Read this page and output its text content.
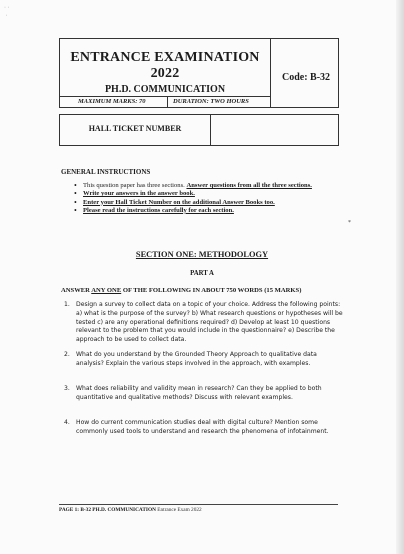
· ·
·
ENTRANCE EXAMINATION 2022
PH.D. COMMUNICATION
MAXIMUM MARKS: 70	DURATION: TWO HOURS
Code: B-32
HALL TICKET NUMBER
GENERAL INSTRUCTIONS
• This question paper has three sections. Answer questions from all the three sections.
• Write your answers in the answer book.
• Enter your Hall Ticket Number on the additional Answer Books too.
• Please read the instructions carefully for each section.
*
SECTION ONE: METHODOLOGY
PART A
ANSWER ANY ONE OF THE FOLLOWING IN ABOUT 750 WORDS (15 MARKS)
1. Design a survey to collect data on a topic of your choice. Address the following points: a) what is the purpose of the survey? b) What research questions or hypotheses will be tested c) are any operational definitions required? d) Develop at least 10 questions relevant to the problem that you would include in the questionnaire? e) Describe the approach to be used to collect data.
2. What do you understand by the Grounded Theory Approach to qualitative data analysis? Explain the various steps involved in the approach, with examples.
3. What does reliability and validity mean in research? Can they be applied to both quantitative and qualitative methods? Discuss with relevant examples.
4. How do current communication studies deal with digital culture? Mention some commonly used tools to understand and research the phenomena of infotainment.
PAGE 1: B-32 PH.D. COMMUNICATION Entrance Exam 2022
